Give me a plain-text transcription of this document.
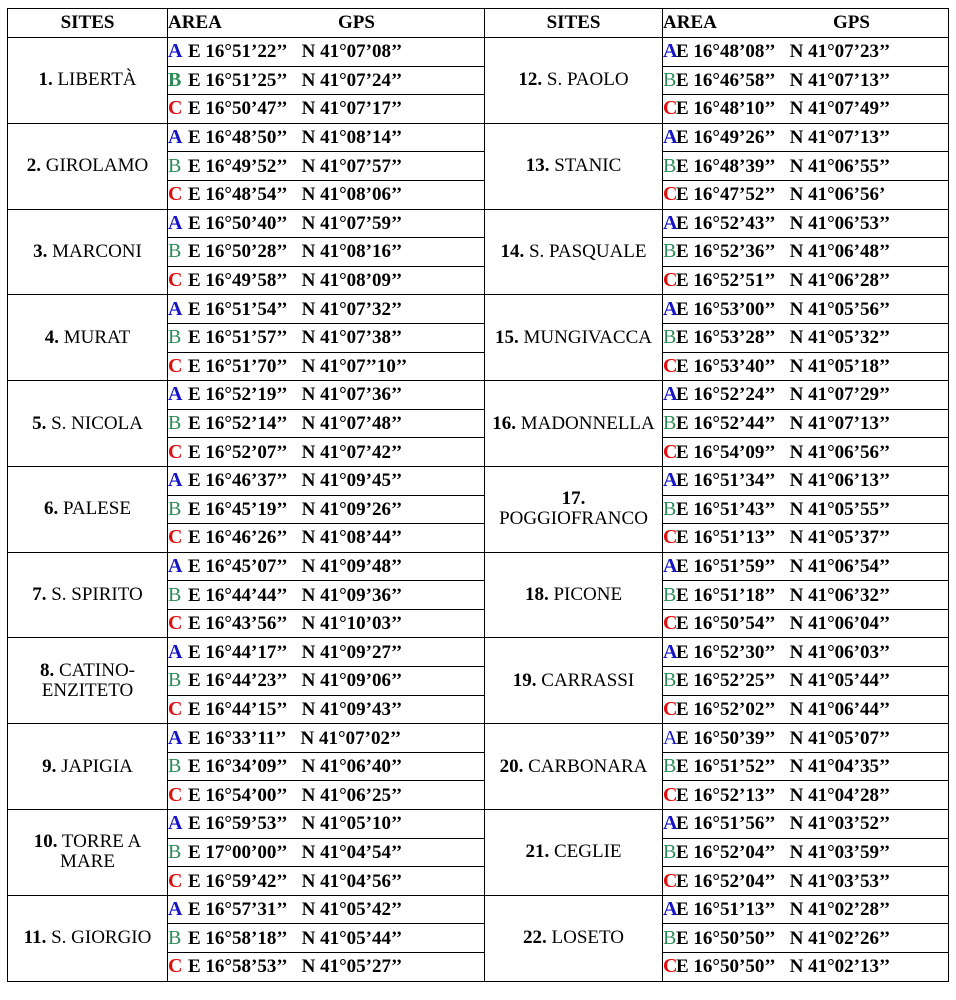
SITES	AREA GPS	SITES	AREA GPS
1. LIBERTÀ	A E 16°51’22’’ N 41°07’08’’	12. S. PAOLO	AE 16°48’08’’ N 41°07’23’’
	B E 16°51’25’’ N 41°07’24’’		BE 16°46’58’’ N 41°07’13’’
	C E 16°50’47’’ N 41°07’17’’		CE 16°48’10’’ N 41°07’49’’
2. GIROLAMO	A E 16°48’50’’ N 41°08’14’’	13. STANIC	AE 16°49’26’’ N 41°07’13’’
	B E 16°49’52’’ N 41°07’57’’		BE 16°48’39’’ N 41°06’55’’
	C E 16°48’54’’ N 41°08’06’’		CE 16°47’52’’ N 41°06’56’
3. MARCONI	A E 16°50’40’’ N 41°07’59’’	14. S. PASQUALE	AE 16°52’43’’ N 41°06’53’’
	B E 16°50’28’’ N 41°08’16’’		BE 16°52’36’’ N 41°06’48’’
	C E 16°49’58’’ N 41°08’09’’		CE 16°52’51’’ N 41°06’28’’
4. MURAT	A E 16°51’54’’ N 41°07’32’’	15. MUNGIVACCA	AE 16°53’00’’ N 41°05’56’’
	B E 16°51’57’’ N 41°07’38’’		BE 16°53’28’’ N 41°05’32’’
	C E 16°51’70’’ N 41°07’’10’’		CE 16°53’40’’ N 41°05’18’’
5. S. NICOLA	A E 16°52’19’’ N 41°07’36’’	16. MADONNELLA	AE 16°52’24’’ N 41°07’29’’
	B E 16°52’14’’ N 41°07’48’’		BE 16°52’44’’ N 41°07’13’’
	C E 16°52’07’’ N 41°07’42’’		CE 16°54’09’’ N 41°06’56’’
6. PALESE	A E 16°46’37’’ N 41°09’45’’	17. POGGIOFRANCO	AE 16°51’34’’ N 41°06’13’’
	B E 16°45’19’’ N 41°09’26’’		BE 16°51’43’’ N 41°05’55’’
	C E 16°46’26’’ N 41°08’44’’		CE 16°51’13’’ N 41°05’37’’
7. S. SPIRITO	A E 16°45’07’’ N 41°09’48’’	18. PICONE	AE 16°51’59’’ N 41°06’54’’
	B E 16°44’44’’ N 41°09’36’’		BE 16°51’18’’ N 41°06’32’’
	C E 16°43’56’’ N 41°10’03’’		CE 16°50’54’’ N 41°06’04’’
8. CATINO-ENZITETO	A E 16°44’17’’ N 41°09’27’’	19. CARRASSI	AE 16°52’30’’ N 41°06’03’’
	B E 16°44’23’’ N 41°09’06’’		BE 16°52’25’’ N 41°05’44’’
	C E 16°44’15’’ N 41°09’43’’		CE 16°52’02’’ N 41°06’44’’
9. JAPIGIA	A E 16°33’11’’ N 41°07’02’’	20. CARBONARA	AE 16°50’39’’ N 41°05’07’’
	B E 16°34’09’’ N 41°06’40’’		BE 16°51’52’’ N 41°04’35’’
	C E 16°54’00’’ N 41°06’25’’		CE 16°52’13’’ N 41°04’28’’
10. TORRE A MARE	A E 16°59’53’’ N 41°05’10’’	21. CEGLIE	AE 16°51’56’’ N 41°03’52’’
	B E 17°00’00’’ N 41°04’54’’		BE 16°52’04’’ N 41°03’59’’
	C E 16°59’42’’ N 41°04’56’’		CE 16°52’04’’ N 41°03’53’’
11. S. GIORGIO	A E 16°57’31’’ N 41°05’42’’	22. LOSETO	AE 16°51’13’’ N 41°02’28’’
	B E 16°58’18’’ N 41°05’44’’		BE 16°50’50’’ N 41°02’26’’
	C E 16°58’53’’ N 41°05’27’’		CE 16°50’50’’ N 41°02’13’’
